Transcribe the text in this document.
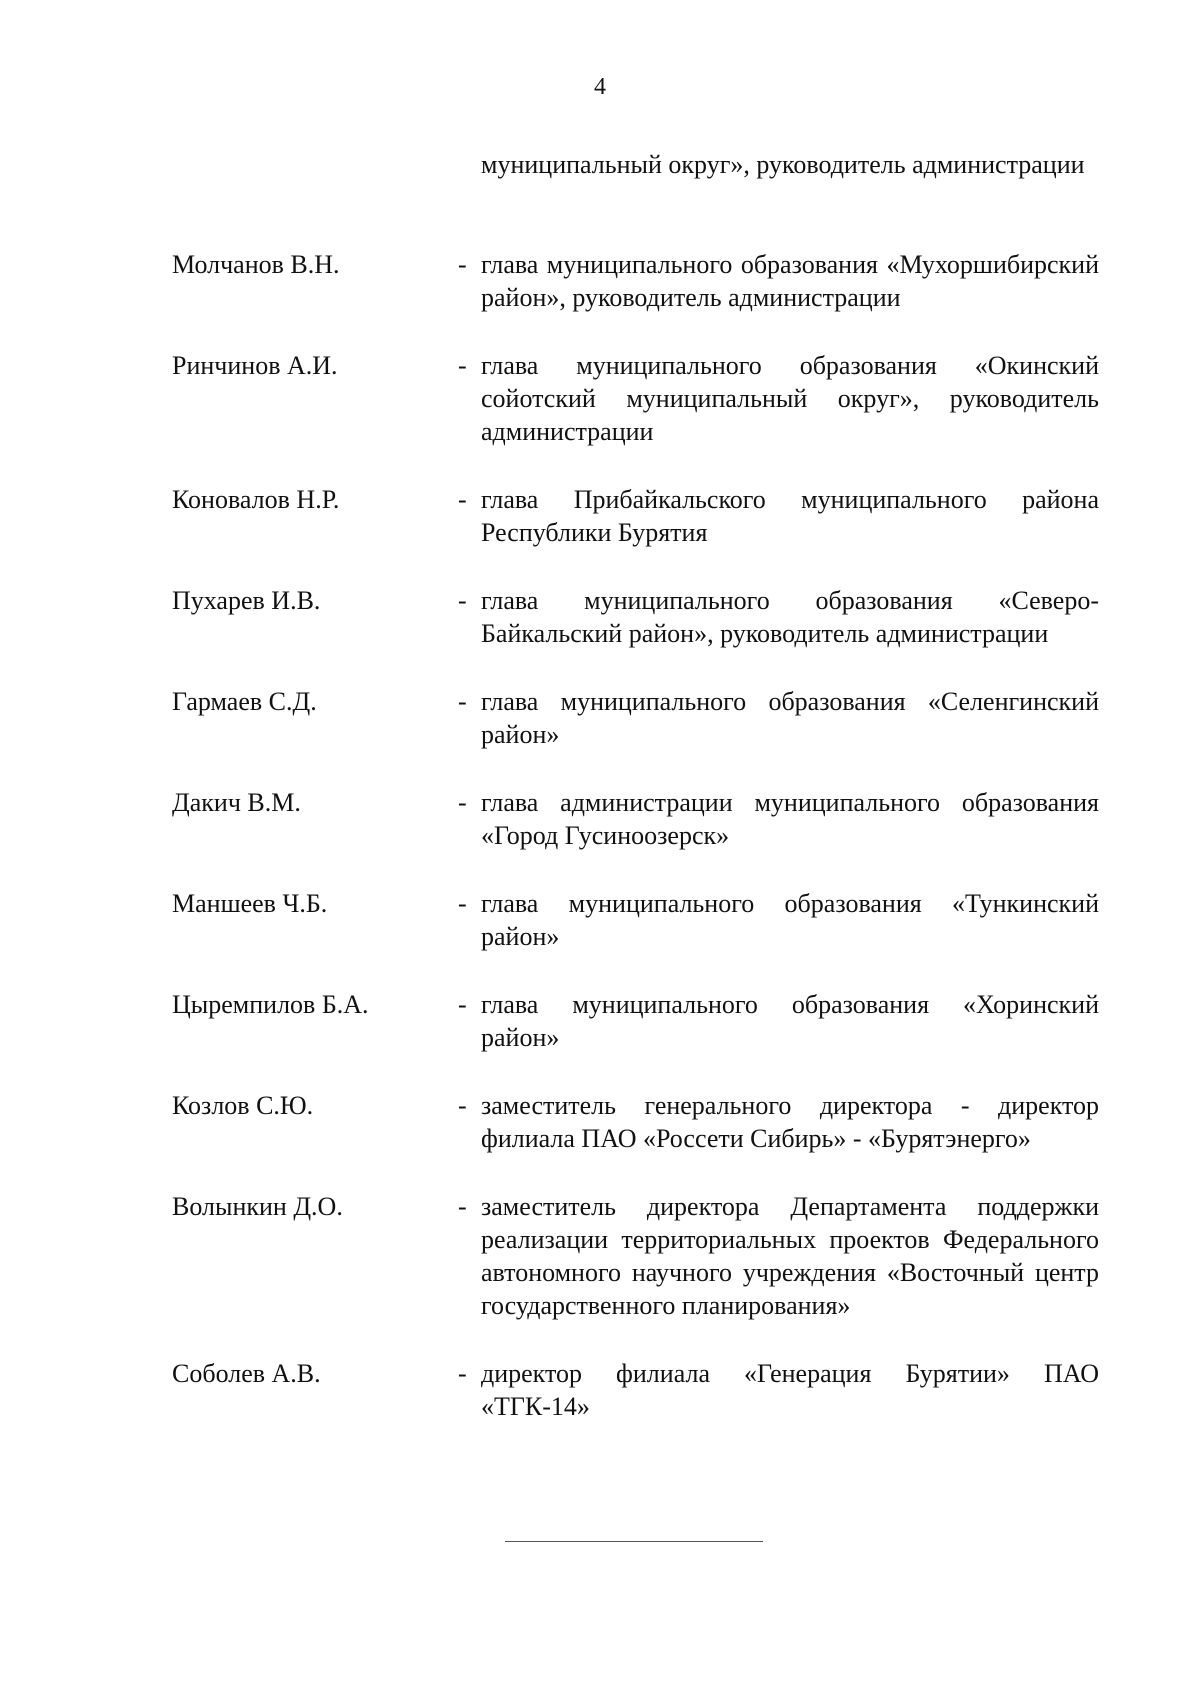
4
муниципальный округ», руководитель администрации
Молчанов В.Н.	- глава муниципального образования «Мухоршибирский район», руководитель администрации
Ринчинов А.И.	- глава муниципального образования «Окинский сойотский муниципальный округ», руководитель администрации
Коновалов Н.Р.	- глава Прибайкальского муниципального района Республики Бурятия
Пухарев И.В.	- глава муниципального образования «Северо-Байкальский район», руководитель администрации
Гармаев С.Д.	- глава муниципального образования «Селенгинский район»
Дакич В.М.	- глава администрации муниципального образования «Город Гусиноозерск»
Маншеев Ч.Б.	- глава муниципального образования «Тункинский район»
Цыремпилов Б.А.	- глава муниципального образования «Хоринский район»
Козлов С.Ю.	- заместитель генерального директора - директор филиала ПАО «Россети Сибирь» - «Бурятэнерго»
Волынкин Д.О.	- заместитель директора Департамента поддержки реализации территориальных проектов Федерального автономного научного учреждения «Восточный центр государственного планирования»
Соболев А.В.	- директор филиала «Генерация Бурятии» ПАО «ТГК-14»
